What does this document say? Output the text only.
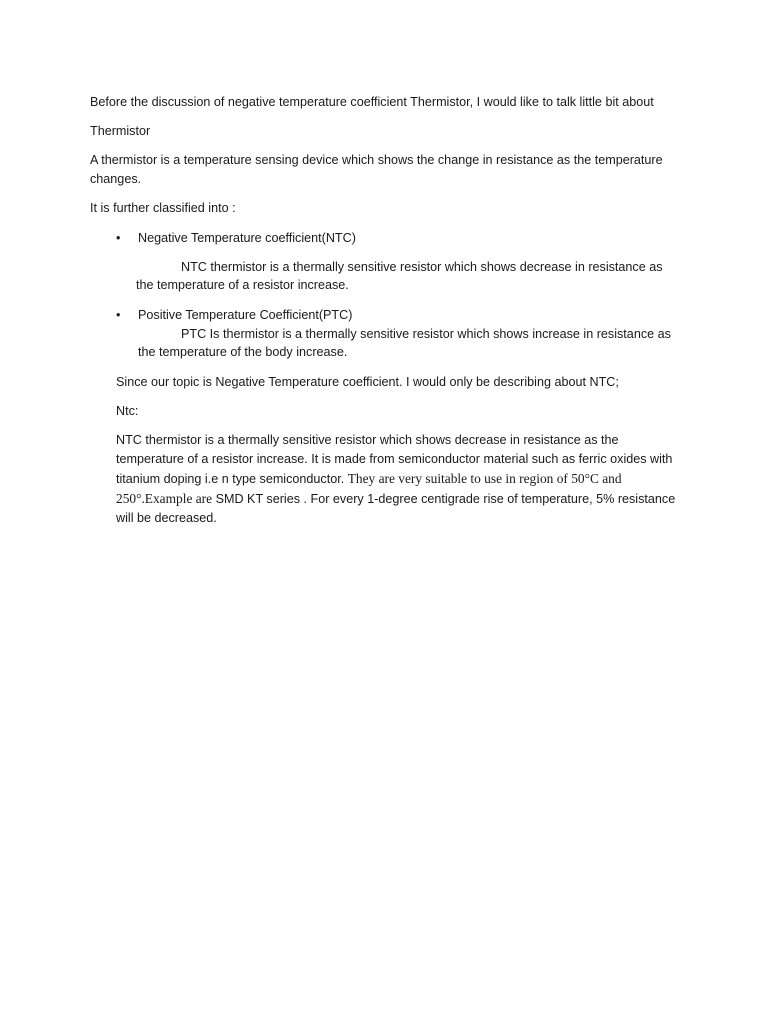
Before the discussion of negative temperature coefficient Thermistor, I would like to talk little bit about

Thermistor

A thermistor is a temperature sensing device which shows the change in resistance as the temperature changes.

It is further classified into :

• Negative Temperature coefficient(NTC)

NTC thermistor is a thermally sensitive resistor which shows decrease in resistance as

the temperature of a resistor increase.

• Positive Temperature Coefficient(PTC)

PTC Is thermistor is a thermally sensitive resistor which shows increase in resistance as

the temperature of the body increase.

Since our topic is Negative Temperature coefficient. I would only be describing about NTC;

Ntc:

NTC thermistor is a thermally sensitive resistor which shows decrease in resistance as the temperature of a resistor increase. It is made from semiconductor material such as ferric oxides with titanium doping i.e n type semiconductor. They are very suitable to use in region of 50°C and 250°.Example are SMD KT series . For every 1-degree centigrade rise of temperature, 5% resistance will be decreased.
